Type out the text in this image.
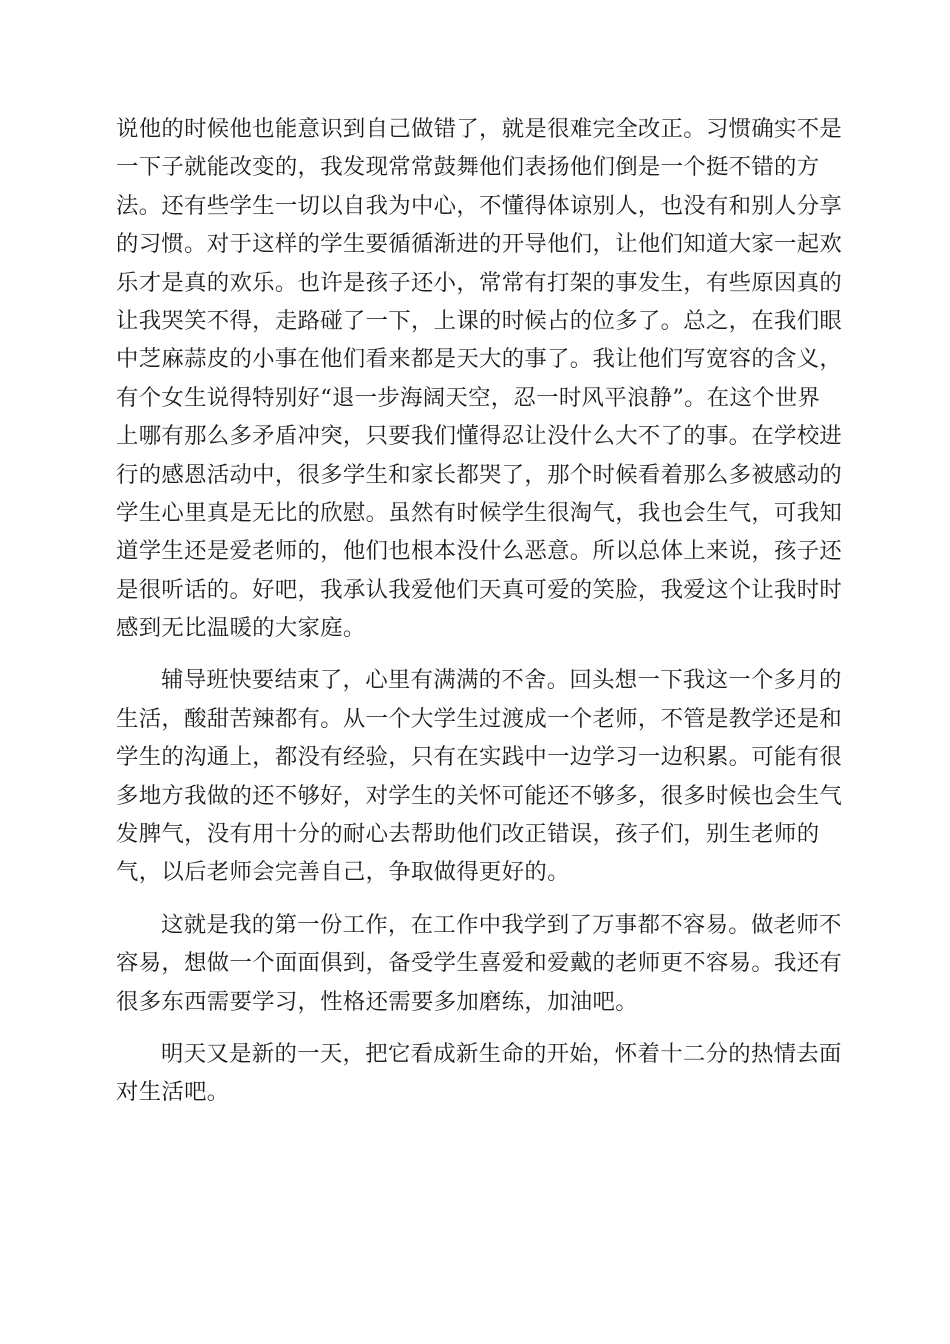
说他的时候他也能意识到自己做错了，就是很难完全改正。习惯确实不是
一下子就能改变的，我发现常常鼓舞他们表扬他们倒是一个挺不错的方
法。还有些学生一切以自我为中心，不懂得体谅别人，也没有和别人分享
的习惯。对于这样的学生要循循渐进的开导他们，让他们知道大家一起欢
乐才是真的欢乐。也许是孩子还小，常常有打架的事发生，有些原因真的
让我哭笑不得，走路碰了一下，上课的时候占的位多了。总之，在我们眼
中芝麻蒜皮的小事在他们看来都是天大的事了。我让他们写宽容的含义，
有个女生说得特别好“退一步海阔天空，忍一时风平浪静”。在这个世界
上哪有那么多矛盾冲突，只要我们懂得忍让没什么大不了的事。在学校进
行的感恩活动中，很多学生和家长都哭了，那个时候看着那么多被感动的
学生心里真是无比的欣慰。虽然有时候学生很淘气，我也会生气，可我知
道学生还是爱老师的，他们也根本没什么恶意。所以总体上来说，孩子还
是很听话的。好吧，我承认我爱他们天真可爱的笑脸，我爱这个让我时时
感到无比温暖的大家庭。
辅导班快要结束了，心里有满满的不舍。回头想一下我这一个多月的
生活，酸甜苦辣都有。从一个大学生过渡成一个老师，不管是教学还是和
学生的沟通上，都没有经验，只有在实践中一边学习一边积累。可能有很
多地方我做的还不够好，对学生的关怀可能还不够多，很多时候也会生气
发脾气，没有用十分的耐心去帮助他们改正错误，孩子们，别生老师的
气，以后老师会完善自己，争取做得更好的。
这就是我的第一份工作，在工作中我学到了万事都不容易。做老师不
容易，想做一个面面俱到，备受学生喜爱和爱戴的老师更不容易。我还有
很多东西需要学习，性格还需要多加磨练，加油吧。
明天又是新的一天，把它看成新生命的开始，怀着十二分的热情去面
对生活吧。
